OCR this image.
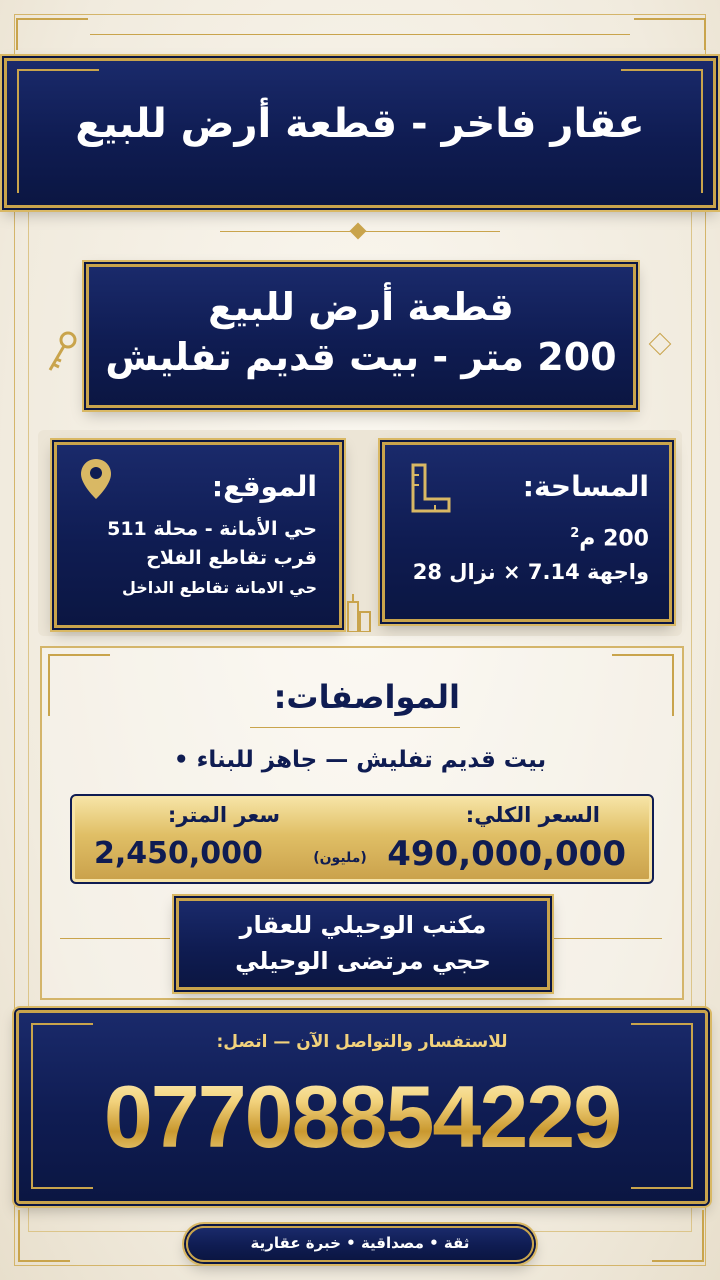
عقار فاخر - قطعة أرض للبيع
قطعة أرض للبيع
200 متر - بيت قديم تفليش
الموقع:
حي الأمانة - محلة 511
قرب تقاطع الفلاح
حي الامانة تقاطع الداخل
المساحة:
200 م$^2$
واجهة 7.14 × نزال 28
المواصفات:
بيت قديم تفليش — جاهز للبناء •
السعر الكلي:
سعر المتر:
490,000,000
(مليون)
2,450,000
مكتب الوحيلي للعقار
حجي مرتضى الوحيلي
للاستفسار والتواصل الآن — اتصل:
07708854229
ثقة • مصداقية • خبرة عقارية
